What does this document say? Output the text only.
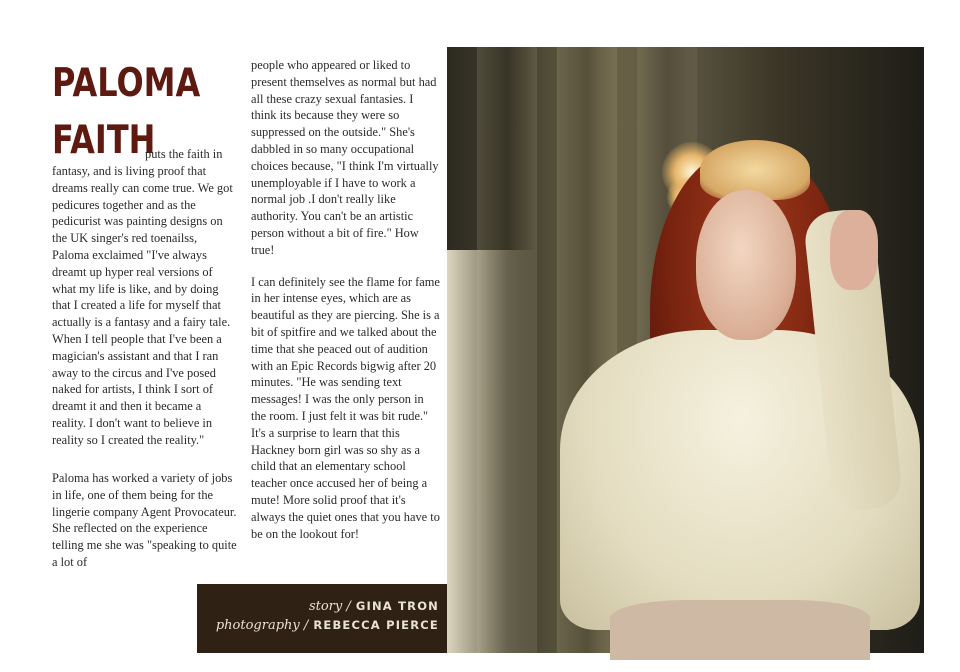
PALOMA
FAITH
puts the faith in

fantasy, and is living proof that dreams really can come true. We got pedicures together and as the pedicurist was painting designs on the UK singer's red toenailss, Paloma exclaimed "I've always dreamt up hyper real versions of what my life is like, and by doing that I created a life for myself that actually is a fantasy and a fairy tale. When I tell people that I've been a magician's assistant and that I ran away to the circus and I've posed naked for artists, I think I sort of dreamt it and then it became a reality. I don't want to believe in reality so I created the reality."

Paloma has worked a variety of jobs in life, one of them being for the lingerie company Agent Provocateur. She reflected on the experience telling me she was "speaking to quite a lot of

people who appeared or liked to present themselves as normal but had all these crazy sexual fantasies. I think its because they were so suppressed on the outside." She's dabbled in so many occupational choices because, "I think I'm virtually unemployable if I have to work a normal job .I don't really like authority. You can't be an artistic person without a bit of fire." How true!

I can definitely see the flame for fame in her intense eyes, which are as beautiful as they are piercing. She is a bit of spitfire and we talked about the time that she peaced out of audition with an Epic Records bigwig after 20 minutes. "He was sending text messages! I was the only person in the room. I just felt it was bit rude." It's a surprise to learn that this Hackney born girl was so shy as a child that an elementary school teacher once accused her of being a mute! More solid proof that it's always the quiet ones that you have to be on the lookout for!

story / GINA TRON
photography / REBECCA PIERCE
